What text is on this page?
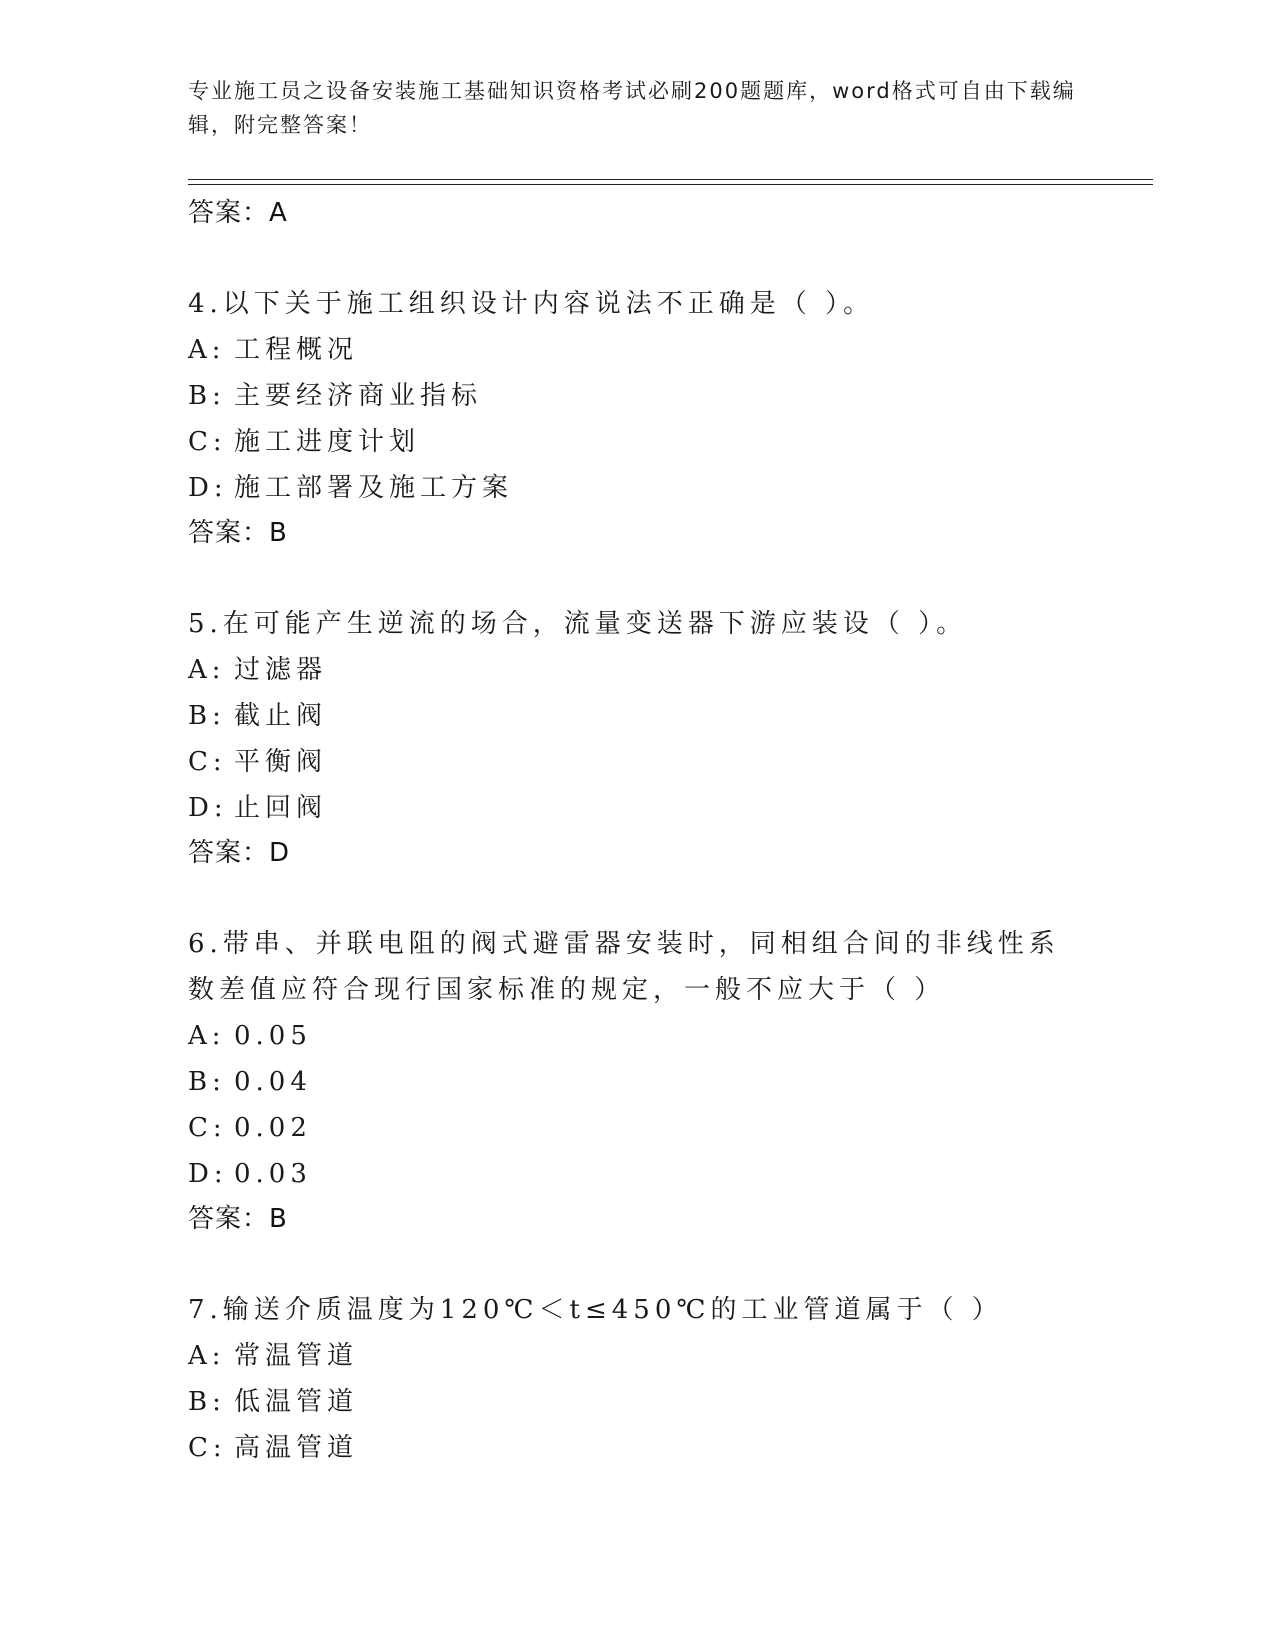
专业施工员之设备安装施工基础知识资格考试必刷200题题库，word格式可自由下载编辑，附完整答案！
答案：A
4.以下关于施工组织设计内容说法不正确是（ ）。
A: 工程概况
B: 主要经济商业指标
C: 施工进度计划
D: 施工部署及施工方案
答案：B
5.在可能产生逆流的场合，流量变送器下游应装设（ ）。
A: 过滤器
B: 截止阀
C: 平衡阀
D: 止回阀
答案：D
6.带串、并联电阻的阀式避雷器安装时，同相组合间的非线性系数差值应符合现行国家标准的规定，一般不应大于（ ）
A: 0.05
B: 0.04
C: 0.02
D: 0.03
答案：B
7.输送介质温度为120℃＜t≤450℃的工业管道属于（ ）
A: 常温管道
B: 低温管道
C: 高温管道
